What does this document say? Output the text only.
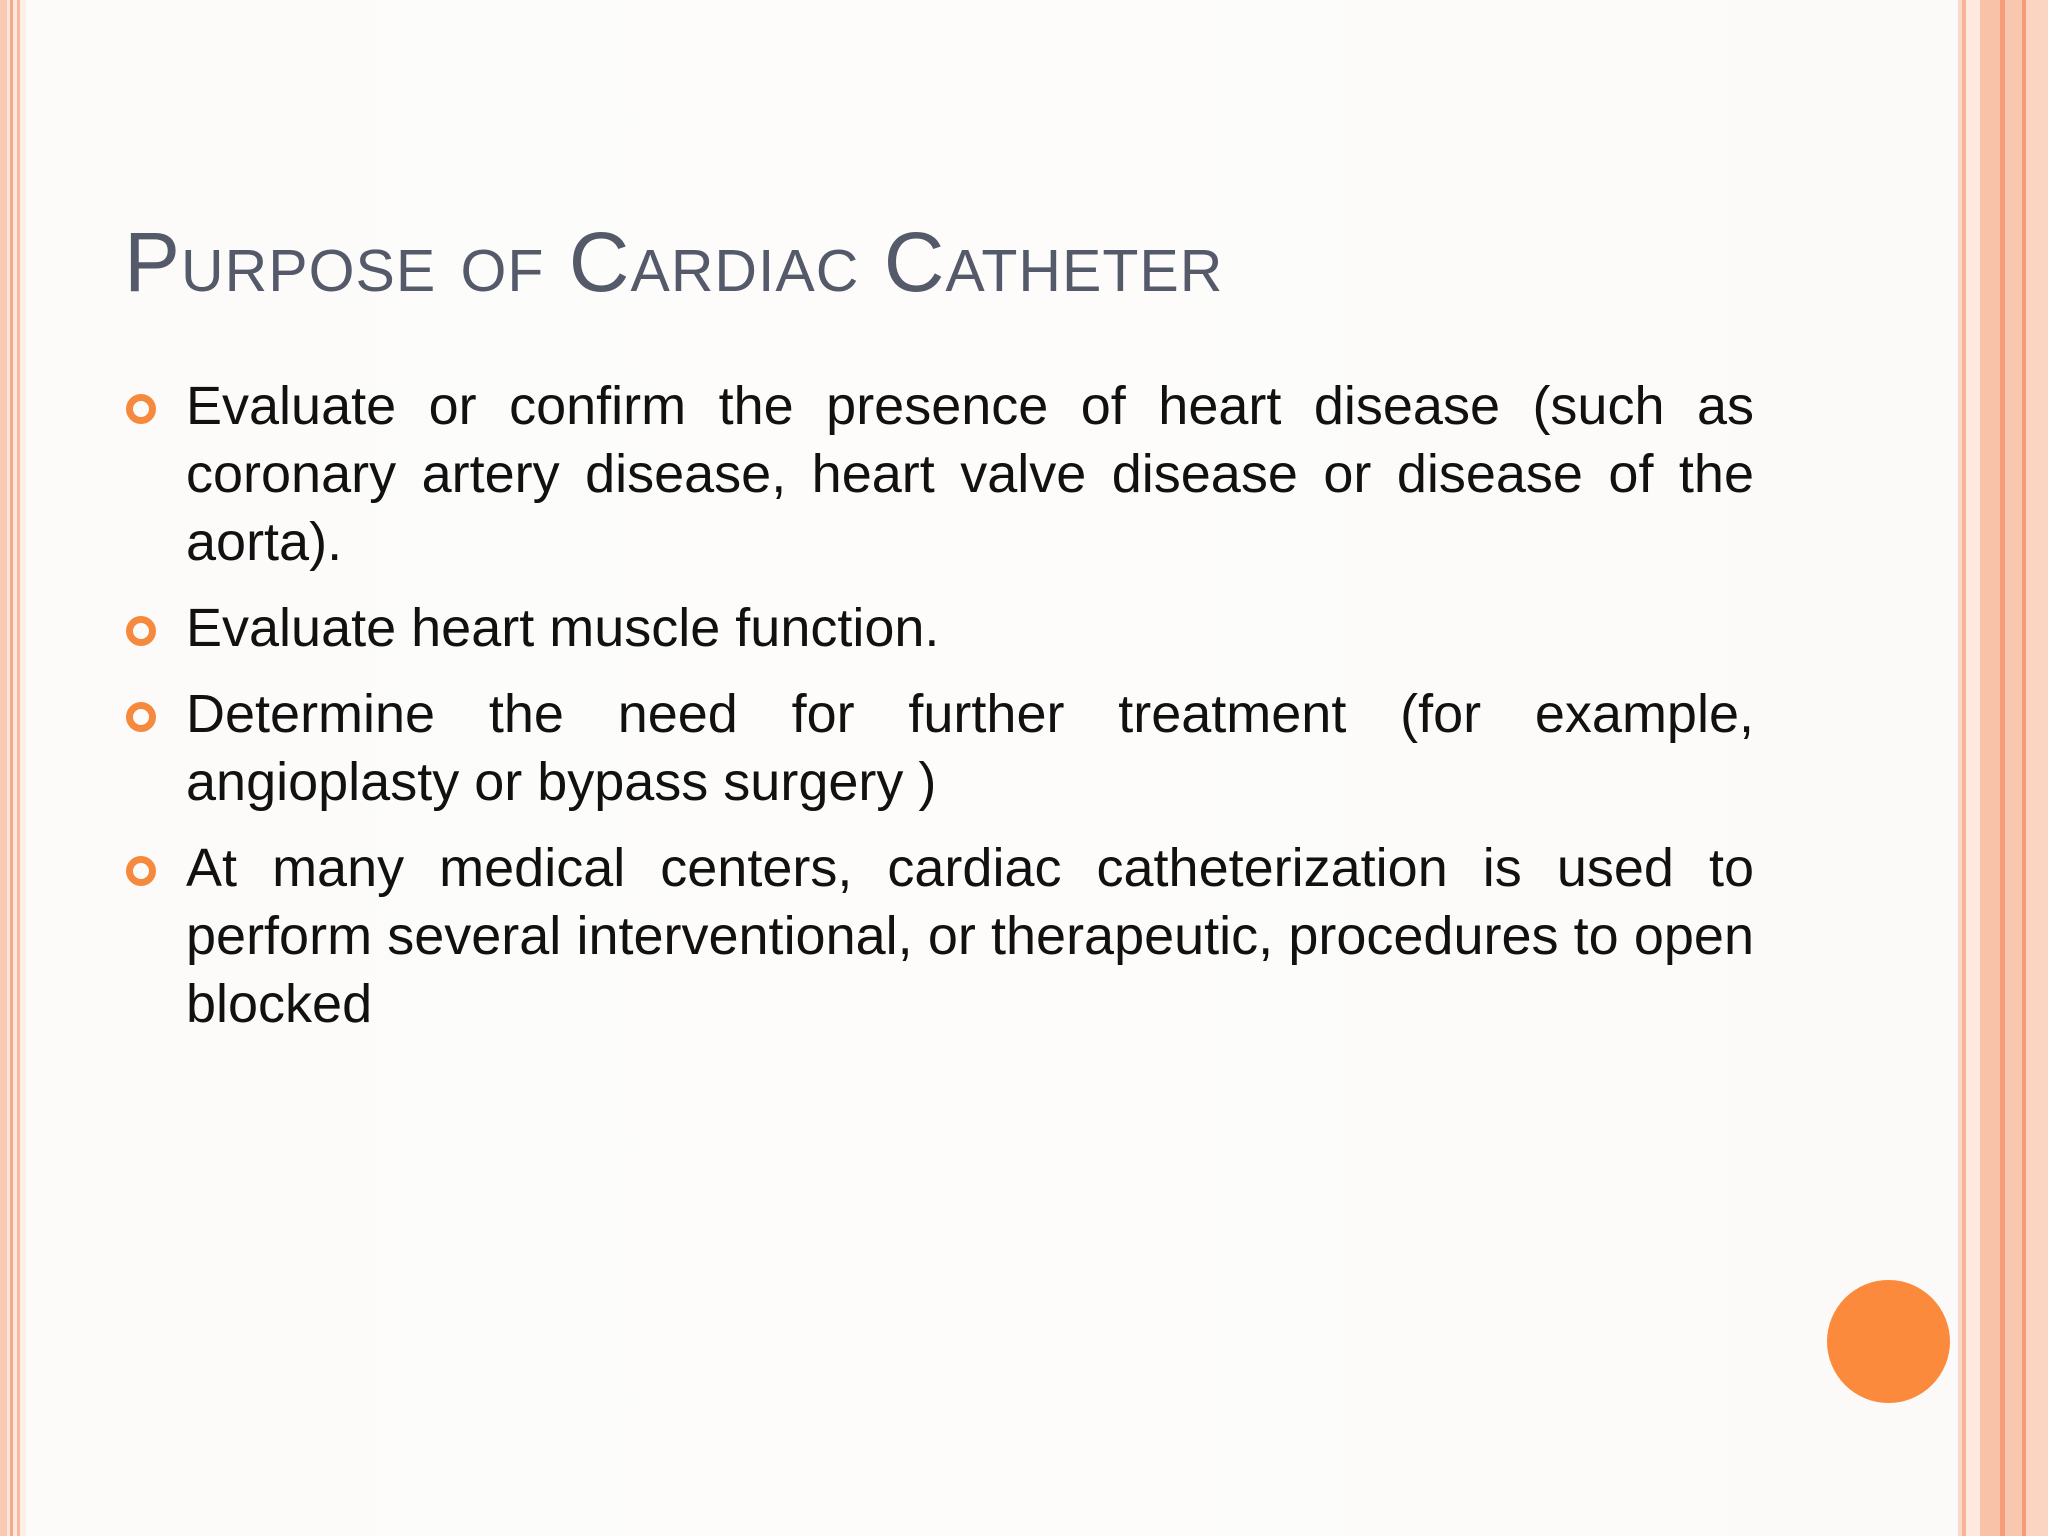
Purpose of Cardiac Catheter
Evaluate or confirm the presence of heart disease (such as coronary artery disease, heart valve disease or disease of the aorta).
Evaluate heart muscle function.
Determine the need for further treatment (for example, angioplasty or bypass surgery )
At many medical centers, cardiac catheterization is used to perform several interventional, or therapeutic, procedures to open blocked
